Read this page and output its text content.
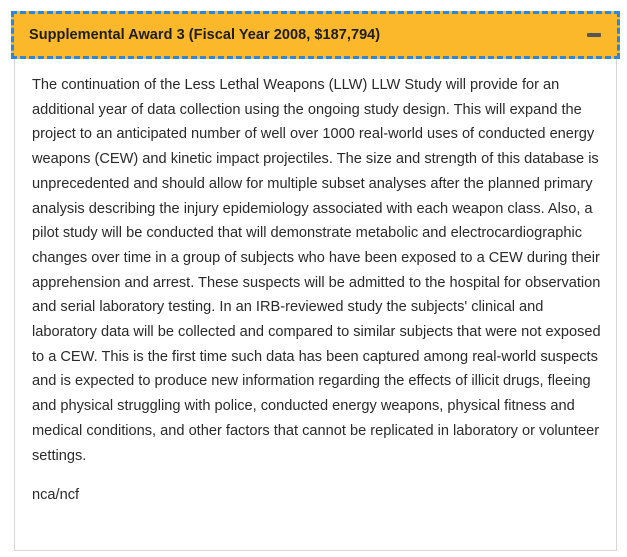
Supplemental Award 3 (Fiscal Year 2008, $187,794)

The continuation of the Less Lethal Weapons (LLW) LLW Study will provide for an additional year of data collection using the ongoing study design. This will expand the project to an anticipated number of well over 1000 real-world uses of conducted energy weapons (CEW) and kinetic impact projectiles. The size and strength of this database is unprecedented and should allow for multiple subset analyses after the planned primary analysis describing the injury epidemiology associated with each weapon class. Also, a pilot study will be conducted that will demonstrate metabolic and electrocardiographic changes over time in a group of subjects who have been exposed to a CEW during their apprehension and arrest. These suspects will be admitted to the hospital for observation and serial laboratory testing. In an IRB-reviewed study the subjects' clinical and laboratory data will be collected and compared to similar subjects that were not exposed to a CEW. This is the first time such data has been captured among real-world suspects and is expected to produce new information regarding the effects of illicit drugs, fleeing and physical struggling with police, conducted energy weapons, physical fitness and medical conditions, and other factors that cannot be replicated in laboratory or volunteer settings.

nca/ncf
